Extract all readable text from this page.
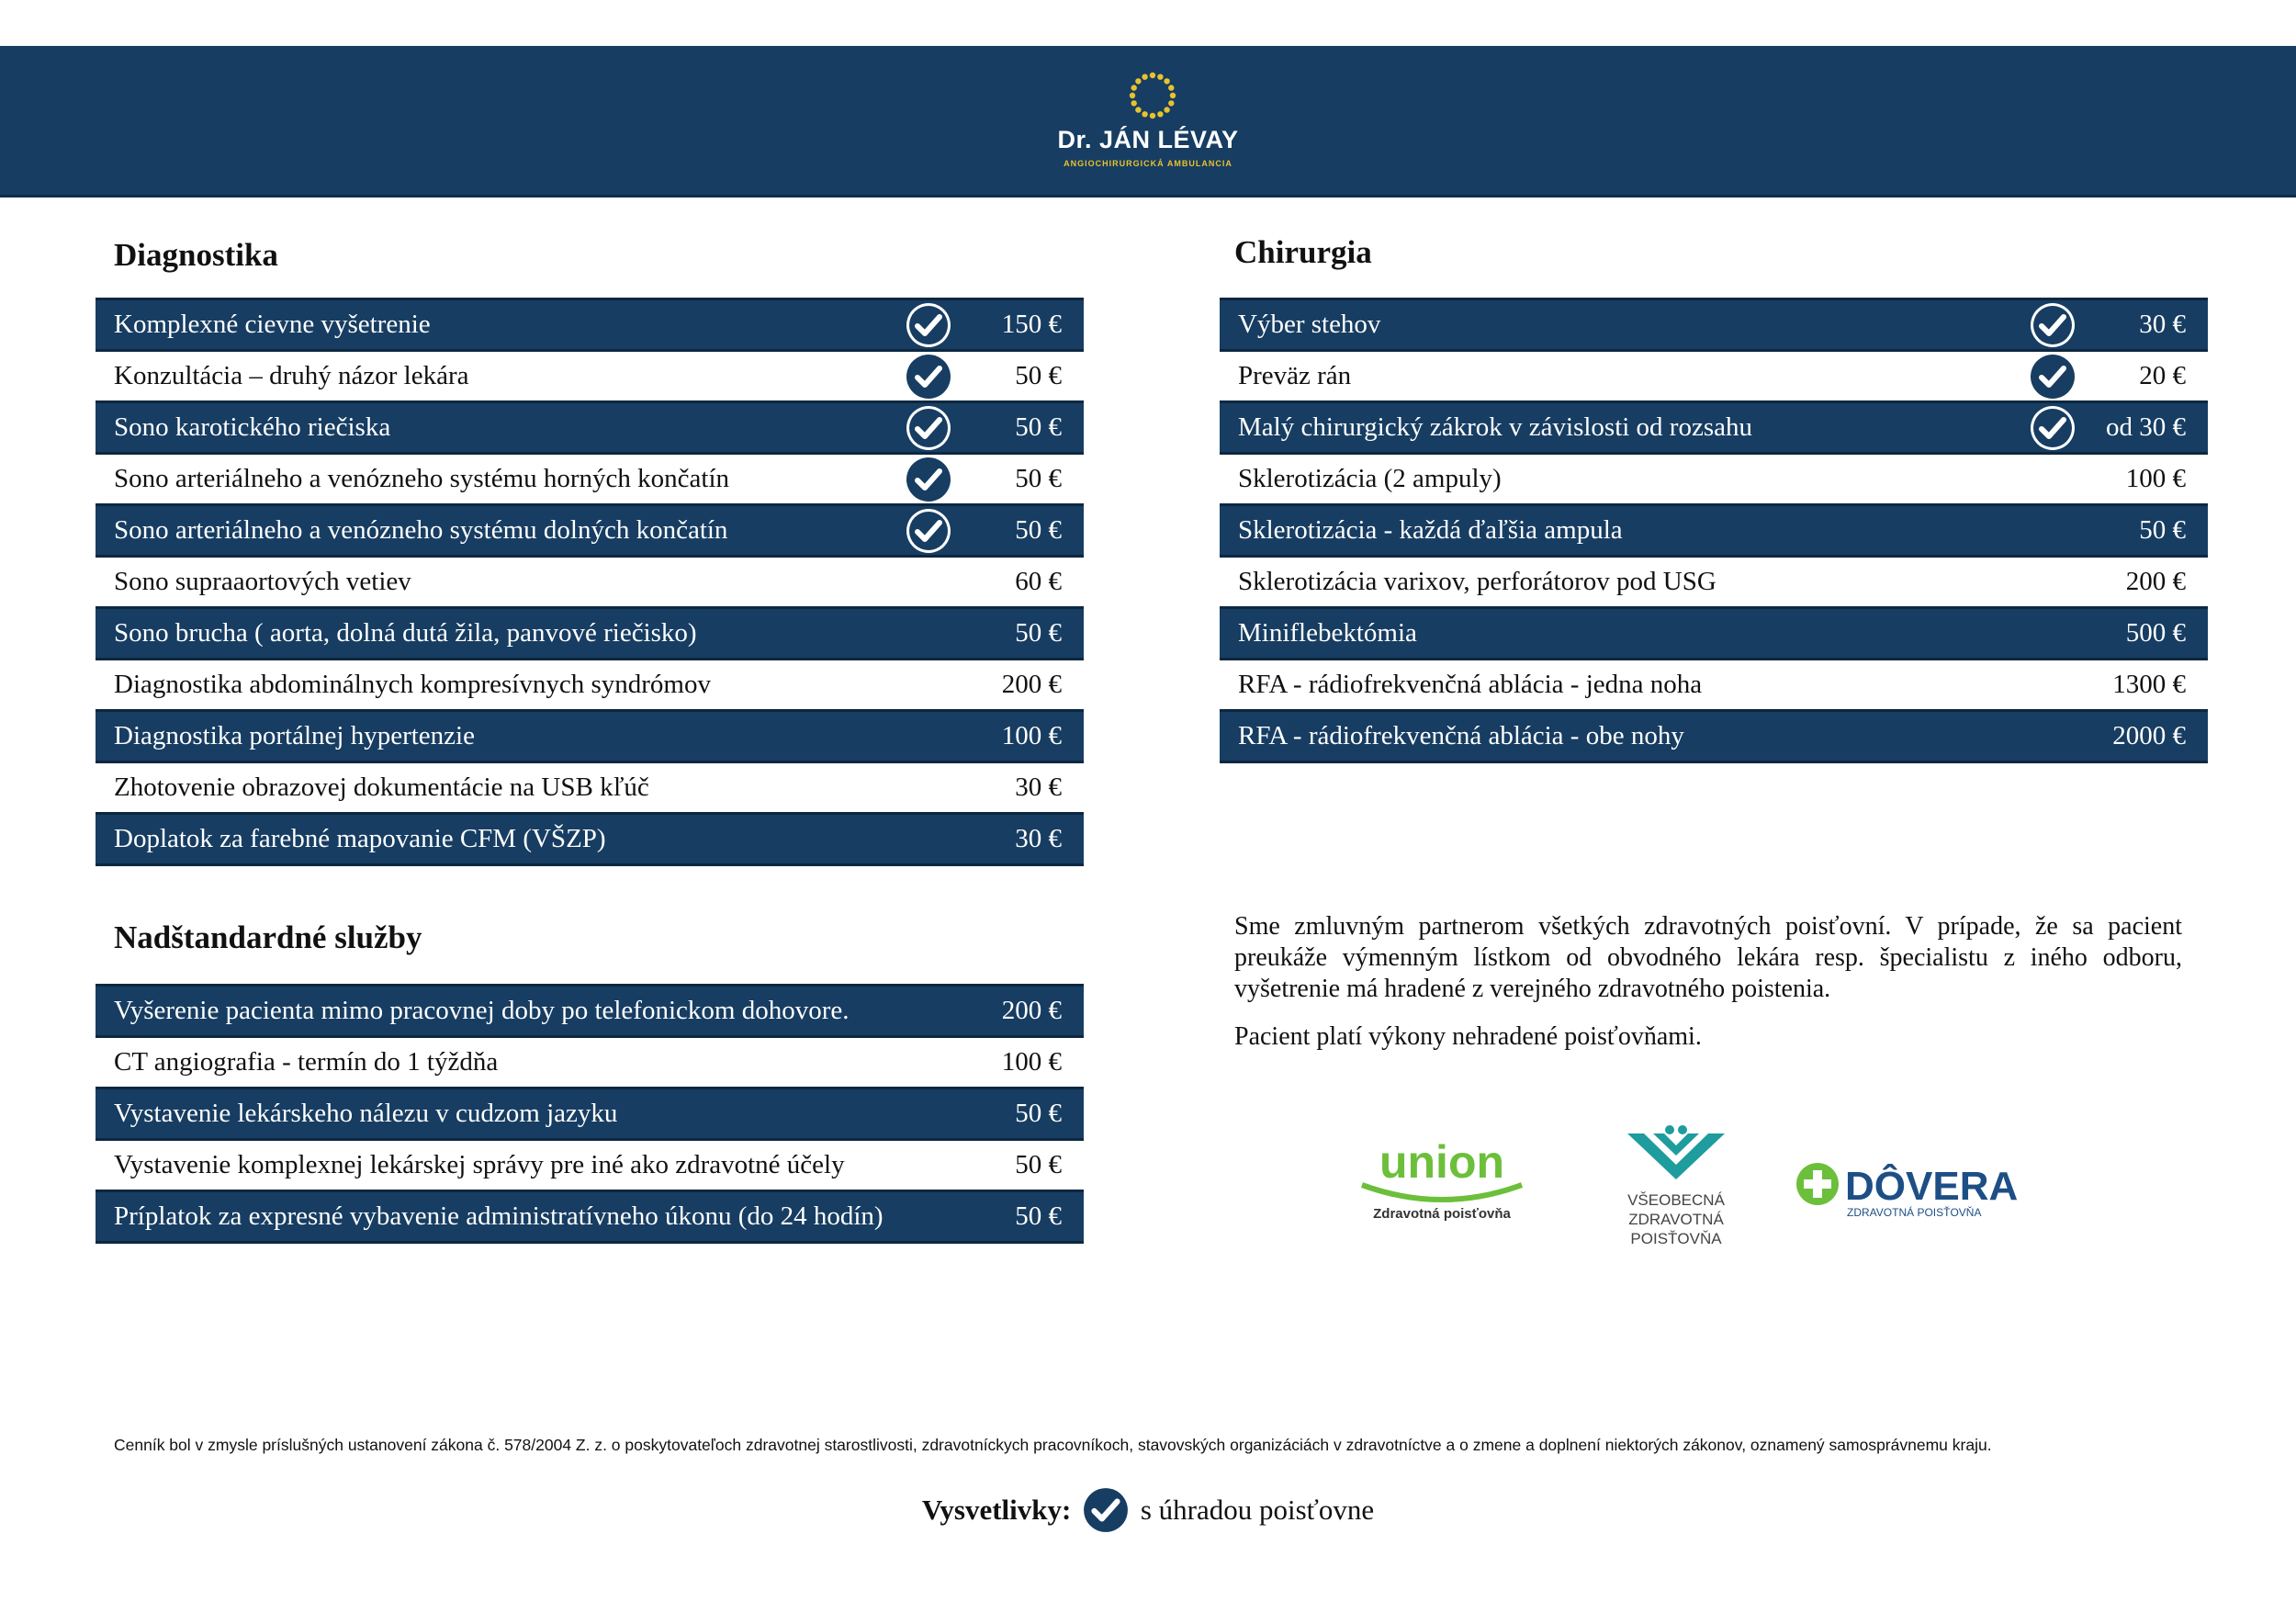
Dr. JÁN LÉVAY
ANGIOCHIRURGICKÁ AMBULANCIA
Diagnostika	Chirurgia
Nadštandardné služby
Komplexné cievne vyšetrenie		150 €
Konzultácia – druhý názor lekára		50 €
Sono karotického riečiska		50 €
Sono arteriálneho a venózneho systému horných končatín		50 €
Sono arteriálneho a venózneho systému dolných končatín		50 €
Sono supraaortových vetiev		60 €
Sono brucha ( aorta, dolná dutá žila, panvové riečisko)		50 €
Diagnostika abdominálnych kompresívnych syndrómov		200 €
Diagnostika portálnej hypertenzie		100 €
Zhotovenie obrazovej dokumentácie na USB kľúč		30 €
Doplatok za farebné mapovanie CFM (VŠZP)		30 €
Výber stehov		30 €
Preväz rán		20 €
Malý chirurgický zákrok v závislosti od rozsahu		od 30 €
Sklerotizácia (2 ampuly)		100 €
Sklerotizácia - každá ďaľšia ampula		50 €
Sklerotizácia varixov, perforátorov pod USG		200 €
Miniflebektómia		500 €
RFA - rádiofrekvenčná ablácia - jedna noha		1300 €
RFA - rádiofrekvenčná ablácia - obe nohy		2000 €
Vyšerenie pacienta mimo pracovnej doby po telefonickom dohovore.		200 €
CT angiografia - termín do 1 týždňa		100 €
Vystavenie lekárskeho nálezu v cudzom jazyku		50 €
Vystavenie komplexnej lekárskej správy pre iné ako zdravotné účely		50 €
Príplatok za expresné vybavenie administratívneho úkonu (do 24 hodín)		50 €

Sme zmluvným partnerom všetkých zdravotných poisťovní. V prípade, že sa pacient preukáže výmenným lístkom od obvodného lekára resp. špecialistu z iného odboru, vyšetrenie má hradené z verejného zdravotného poistenia.

Pacient platí výkony nehradené poisťovňami.

union
Zdravotná poisťovňa
VŠEOBECNÁ
ZDRAVOTNÁ
POISŤOVŇA
DÔVERA
ZDRAVOTNÁ POISŤOVŇA
Cenník bol v zmysle príslušných ustanovení zákona č. 578/2004 Z. z. o poskytovateľoch zdravotnej starostlivosti, zdravotníckych pracovníkoch, stavovských organizáciách v zdravotníctve a o zmene a doplnení niektorých zákonov, oznamený samosprávnemu kraju.
Vysvetlivky: s úhradou poisťovne
